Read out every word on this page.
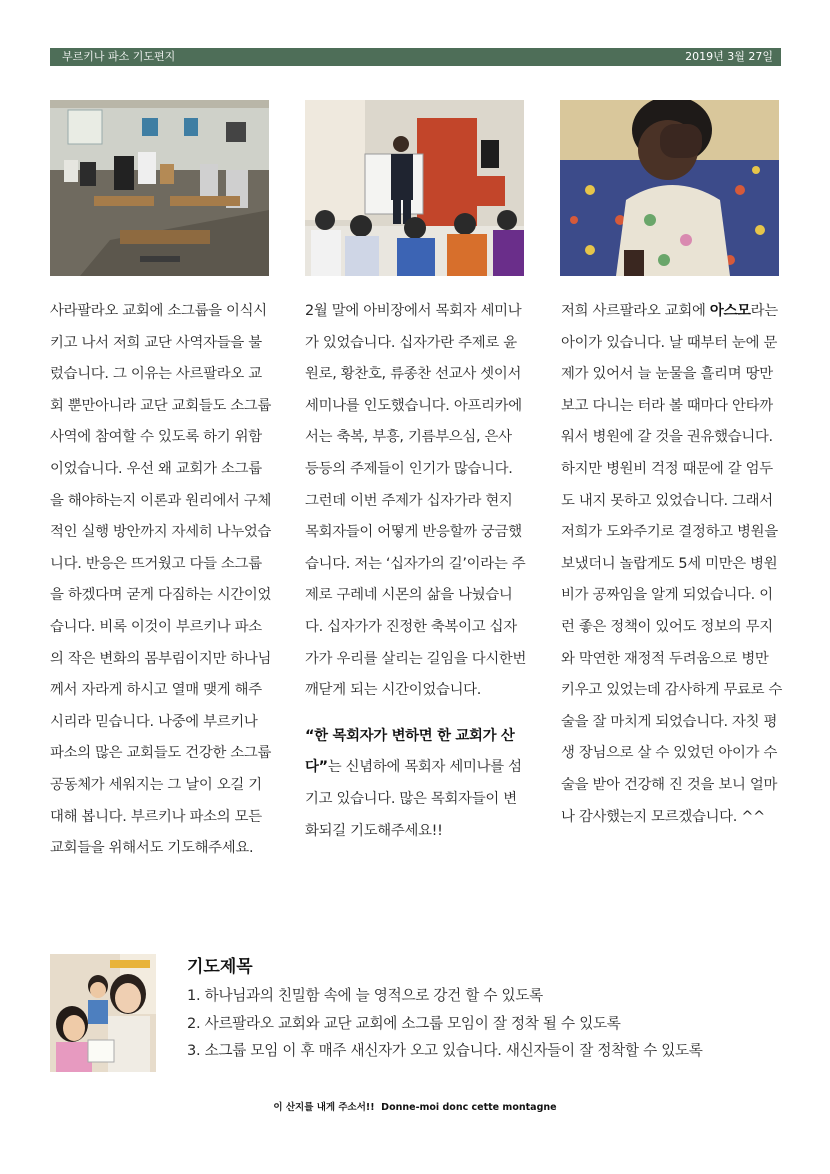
부르키나 파소 기도편지	2019년 3월 27일

사라팔라오 교회에 소그룹을 이식시키고 나서 저희 교단 사역자들을 불렀습니다. 그 이유는 사르팔라오 교회 뿐만아니라 교단 교회들도 소그룹 사역에 참여할 수 있도록 하기 위함 이었습니다. 우선 왜 교회가 소그룹을 해야하는지 이론과 원리에서 구체적인 실행 방안까지 자세히 나누었습니다. 반응은 뜨거웠고 다들 소그룹을 하겠다며 굳게 다짐하는 시간이었습니다. 비록 이것이 부르키나 파소의 작은 변화의 몸부림이지만 하나님께서 자라게 하시고 열매 맺게 해주시리라 믿습니다. 나중에 부르키나 파소의 많은 교회들도 건강한 소그룹 공동체가 세워지는 그 날이 오길 기대해 봅니다. 부르키나 파소의 모든 교회들을 위해서도 기도해주세요.

2월 말에 아비장에서 목회자 세미나가 있었습니다. 십자가란 주제로 윤원로, 황찬호, 류종찬 선교사 셋이서 세미나를 인도했습니다. 아프리카에서는 축복, 부흥, 기름부으심, 은사 등등의 주제들이 인기가 많습니다. 그런데 이번 주제가 십자가라 현지 목회자들이 어떻게 반응할까 궁금했습니다. 저는 ‘십자가의 길’이라는 주제로 구레네 시몬의 삶을 나눴습니다. 십자가가 진정한 축복이고 십자가가 우리를 살리는 길임을 다시한번 깨닫게 되는 시간이었습니다.

“한 목회자가 변하면 한 교회가 산다”는 신념하에 목회자 세미나를 섬기고 있습니다. 많은 목회자들이 변화되길 기도해주세요!!

저희 사르팔라오 교회에 아스모라는 아이가 있습니다. 날 때부터 눈에 문제가 있어서 늘 눈물을 흘리며 땅만 보고 다니는 터라 볼 때마다 안타까워서 병원에 갈 것을 권유했습니다. 하지만 병원비 걱정 때문에 갈 엄두도 내지 못하고 있었습니다. 그래서 저희가 도와주기로 결정하고 병원을 보냈더니 놀랍게도 5세 미만은 병원비가 공짜임을 알게 되었습니다. 이런 좋은 정책이 있어도 정보의 무지와 막연한 재정적 두려움으로 병만 키우고 있었는데 감사하게 무료로 수술을 잘 마치게 되었습니다. 자칫 평생 장님으로 살 수 있었던 아이가 수술을 받아 건강해 진 것을 보니 얼마나 감사했는지 모르겠습니다. ^^

기도제목
1. 하나님과의 친밀함 속에 늘 영적으로 강건 할 수 있도록
2. 사르팔라오 교회와 교단 교회에 소그룹 모임이 잘 정착 될 수 있도록
3. 소그룹 모임 이 후 매주 새신자가 오고 있습니다. 새신자들이 잘 정착할 수 있도록
이 산지를 내게 주소서!!  Donne-moi donc cette montagne
